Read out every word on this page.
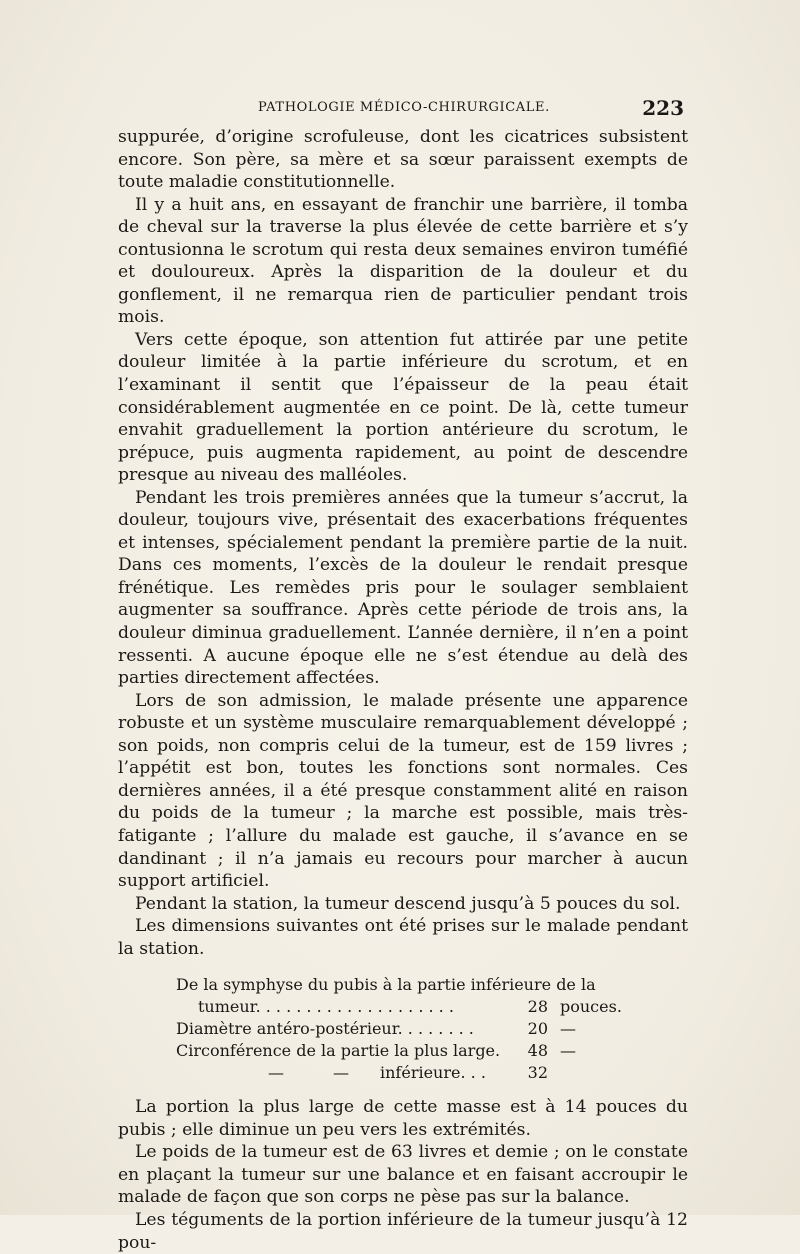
PATHOLOGIE MÉDICO-CHIRURGICALE.	223

suppurée, d’origine scrofuleuse, dont les cicatrices subsistent encore. Son père, sa mère et sa sœur paraissent exempts de toute maladie constitutionnelle.

Il y a huit ans, en essayant de franchir une barrière, il tomba de cheval sur la traverse la plus élevée de cette barrière et s’y contusionna le scrotum qui resta deux semaines environ tuméfié et douloureux. Après la disparition de la douleur et du gonflement, il ne remarqua rien de particulier pendant trois mois.

Vers cette époque, son attention fut attirée par une petite douleur limitée à la partie inférieure du scrotum, et en l’examinant il sentit que l’épaisseur de la peau était considérablement augmentée en ce point. De là, cette tumeur envahit graduellement la portion antérieure du scrotum, le prépuce, puis augmenta rapidement, au point de descendre presque au niveau des malléoles.

Pendant les trois premières années que la tumeur s’accrut, la douleur, toujours vive, présentait des exacerbations fréquentes et intenses, spécialement pendant la première partie de la nuit. Dans ces moments, l’excès de la douleur le rendait presque frénétique. Les remèdes pris pour le soulager semblaient augmenter sa souffrance. Après cette période de trois ans, la douleur diminua graduellement. L’année dernière, il n’en a point ressenti. A aucune époque elle ne s’est étendue au delà des parties directement affectées.

Lors de son admission, le malade présente une apparence robuste et un système musculaire remarquablement développé ; son poids, non compris celui de la tumeur, est de 159 livres ; l’appétit est bon, toutes les fonctions sont normales. Ces dernières années, il a été presque constamment alité en raison du poids de la tumeur ; la marche est possible, mais très-fatigante ; l’allure du malade est gauche, il s’avance en se dandinant ; il n’a jamais eu recours pour marcher à aucun support artificiel.

Pendant la station, la tumeur descend jusqu’à 5 pouces du sol.

Les dimensions suivantes ont été prises sur le malade pendant la station.

De la symphyse du pubis à la partie inférieure de la
tumeur. . . . . . . . . . . . . . . . . . . .	28 pouces.
Diamètre antéro-postérieur. . . . . . . .	20 —
Circonférence de la partie la plus large.	48 —
—	— inférieure. . .	32

La portion la plus large de cette masse est à 14 pouces du pubis ; elle diminue un peu vers les extrémités.

Le poids de la tumeur est de 63 livres et demie ; on le constate en plaçant la tumeur sur une balance et en faisant accroupir le malade de façon que son corps ne pèse pas sur la balance.

Les téguments de la portion inférieure de la tumeur jusqu’à 12 pou-
